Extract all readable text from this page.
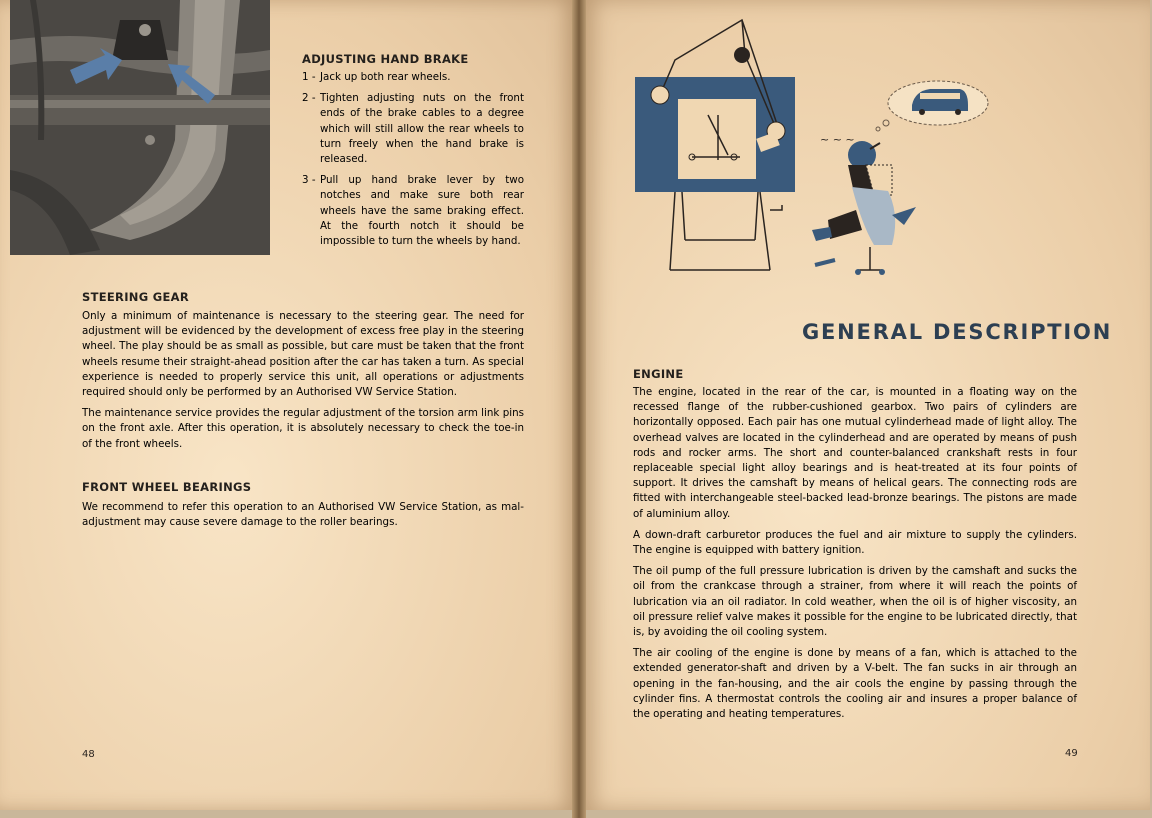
ADJUSTING HAND BRAKE
1 - Jack up both rear wheels.
2 - Tighten adjusting nuts on the front ends of the brake cables to a degree which will still allow the rear wheels to turn freely when the hand brake is released.
3 - Pull up hand brake lever by two notches and make sure both rear wheels have the same braking effect. At the fourth notch it should be impossible to turn the wheels by hand.
STEERING GEAR

Only a minimum of maintenance is necessary to the steering gear. The need for adjustment will be evidenced by the development of excess free play in the steering wheel. The play should be as small as possible, but care must be taken that the front wheels resume their straight-ahead position after the car has taken a turn. As special experience is needed to properly service this unit, all operations or adjustments required should only be performed by an Authorised VW Service Station.

The maintenance service provides the regular adjustment of the torsion arm link pins on the front axle. After this operation, it is absolutely necessary to check the toe-in of the front wheels.

FRONT WHEEL BEARINGS

We recommend to refer this operation to an Authorised VW Service Station, as mal-adjustment may cause severe damage to the roller bearings.

48
~ ~ ~
GENERAL DESCRIPTION
ENGINE

The engine, located in the rear of the car, is mounted in a floating way on the recessed flange of the rubber-cushioned gearbox. Two pairs of cylinders are horizontally opposed. Each pair has one mutual cylinderhead made of light alloy. The overhead valves are located in the cylinderhead and are operated by means of push rods and rocker arms. The short and counter-balanced crankshaft rests in four replaceable special light alloy bearings and is heat-treated at its four points of support. It drives the camshaft by means of helical gears. The connecting rods are fitted with interchangeable steel-backed lead-bronze bearings. The pistons are made of aluminium alloy.

A down-draft carburetor produces the fuel and air mixture to supply the cylinders. The engine is equipped with battery ignition.

The oil pump of the full pressure lubrication is driven by the camshaft and sucks the oil from the crankcase through a strainer, from where it will reach the points of lubrication via an oil radiator. In cold weather, when the oil is of higher viscosity, an oil pressure relief valve makes it possible for the engine to be lubricated directly, that is, by avoiding the oil cooling system.

The air cooling of the engine is done by means of a fan, which is attached to the extended generator-shaft and driven by a V-belt. The fan sucks in air through an opening in the fan-housing, and the air cools the engine by passing through the cylinder fins. A thermostat controls the cooling air and insures a proper balance of the operating and heating temperatures.

49
